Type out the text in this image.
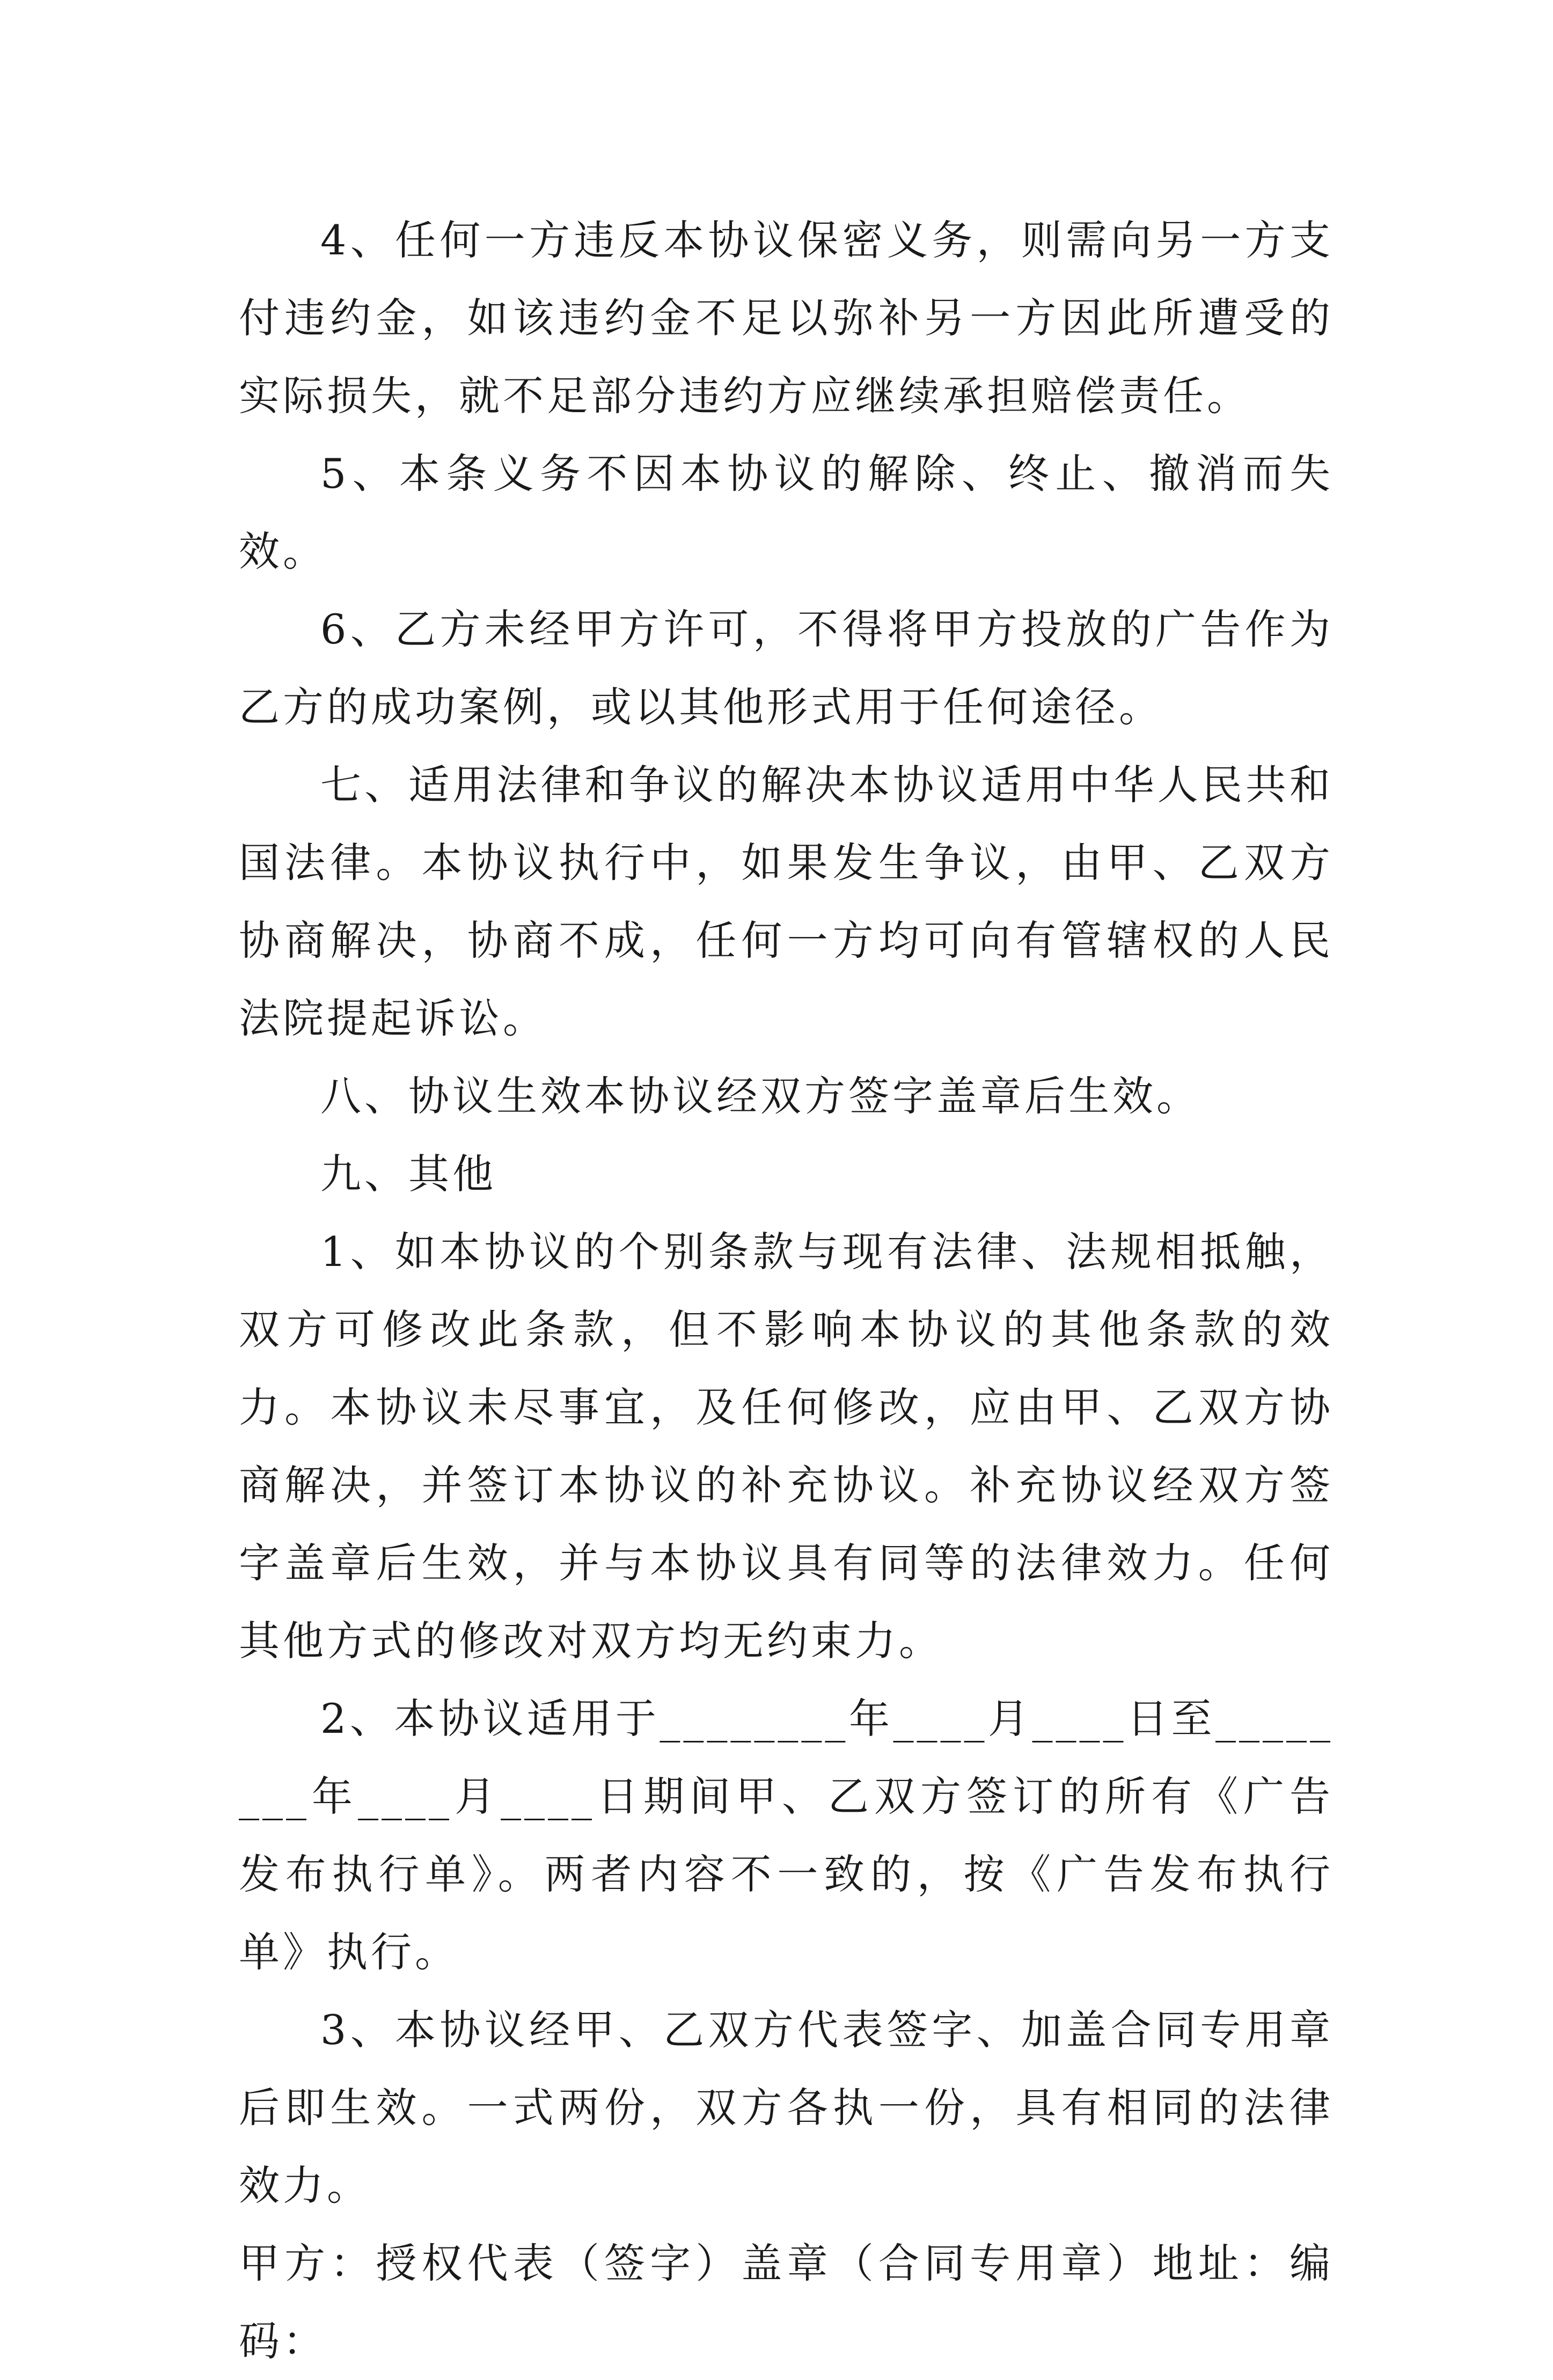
4、任何一方违反本协议保密义务，则需向另一方支付违约金，如该违约金不足以弥补另一方因此所遭受的实际损失，就不足部分违约方应继续承担赔偿责任。

5、本条义务不因本协议的解除、终止、撤消而失效。

6、乙方未经甲方许可，不得将甲方投放的广告作为乙方的成功案例，或以其他形式用于任何途径。

七、适用法律和争议的解决本协议适用中华人民共和国法律。本协议执行中，如果发生争议，由甲、乙双方协商解决，协商不成，任何一方均可向有管辖权的人民法院提起诉讼。

八、协议生效本协议经双方签字盖章后生效。

九、其他

1、如本协议的个别条款与现有法律、法规相抵触，双方可修改此条款，但不影响本协议的其他条款的效力。本协议未尽事宜，及任何修改，应由甲、乙双方协商解决，并签订本协议的补充协议。补充协议经双方签字盖章后生效，并与本协议具有同等的法律效力。任何其他方式的修改对双方均无约束力。

2、本协议适用于________年____月____日至________年____月____日期间甲、乙双方签订的所有《广告发布执行单》。两者内容不一致的，按《广告发布执行单》执行。

3、本协议经甲、乙双方代表签字、加盖合同专用章后即生效。一式两份，双方各执一份，具有相同的法律效力。

甲方：授权代表（签字）盖章（合同专用章）地址：编码：
